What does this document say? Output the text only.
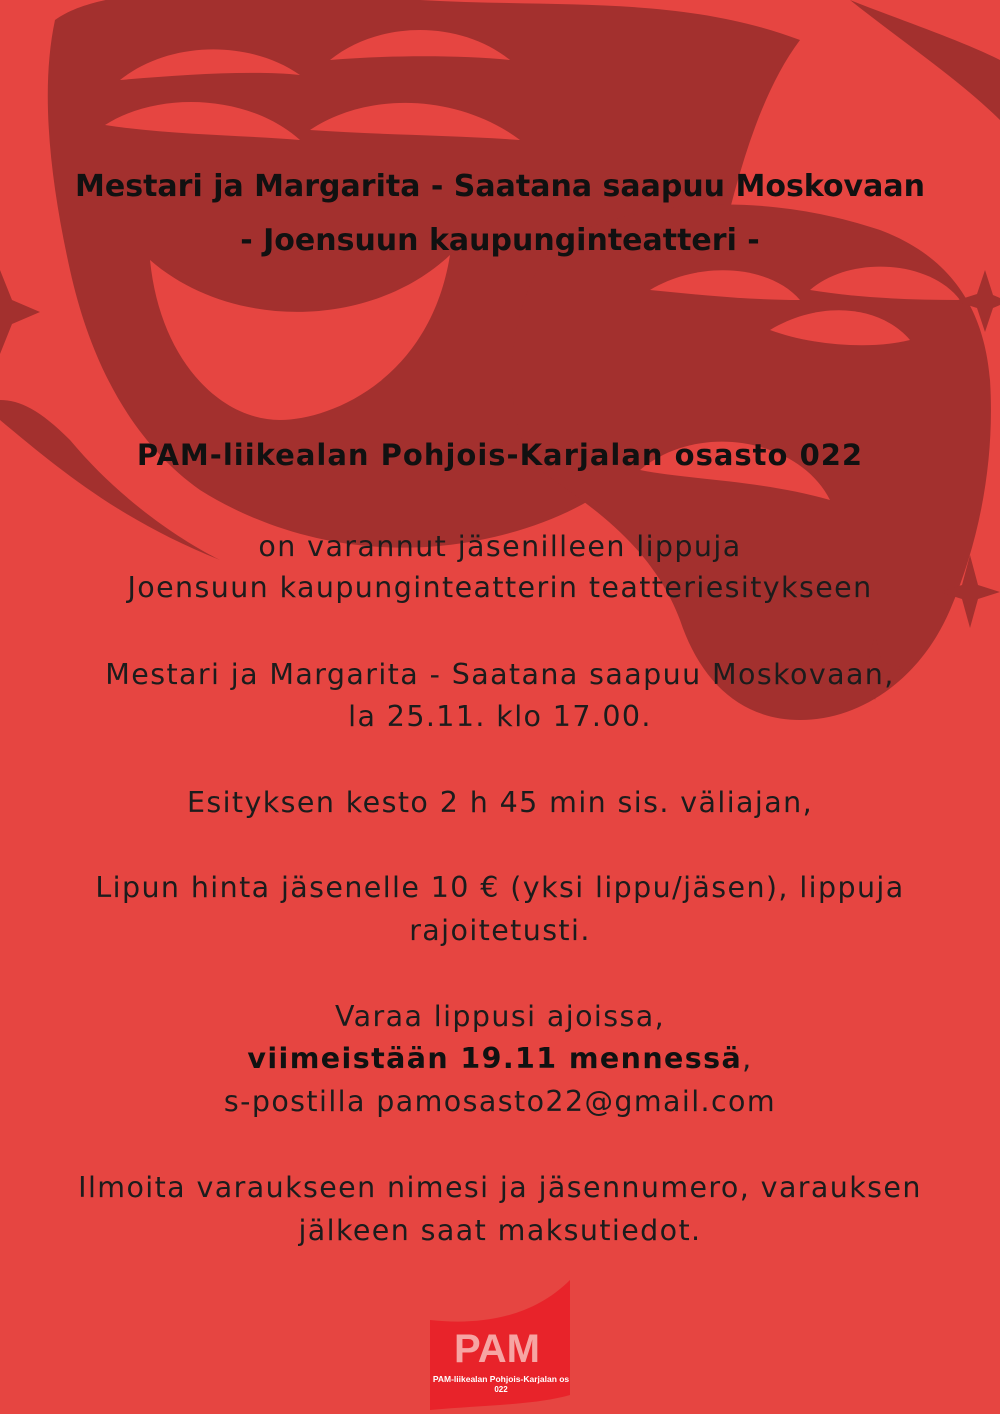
Mestari ja Margarita - Saatana saapuu Moskovaan
- Joensuun kaupunginteatteri -
PAM-liikealan Pohjois-Karjalan osasto 022
on varannut jäsenilleen lippuja
Joensuun kaupunginteatterin teatteriesitykseen
Mestari ja Margarita - Saatana saapuu Moskovaan,
la 25.11. klo 17.00.
Esityksen kesto 2 h 45 min sis. väliajan,
Lipun hinta jäsenelle 10 € (yksi lippu/jäsen), lippuja
rajoitetusti.
Varaa lippusi ajoissa,
viimeistään 19.11 mennessä,
s-postilla pamosasto22@gmail.com
Ilmoita varaukseen nimesi ja jäsennumero, varauksen
jälkeen saat maksutiedot.
PAM
PAM-liikealan Pohjois-Karjalan os
022
